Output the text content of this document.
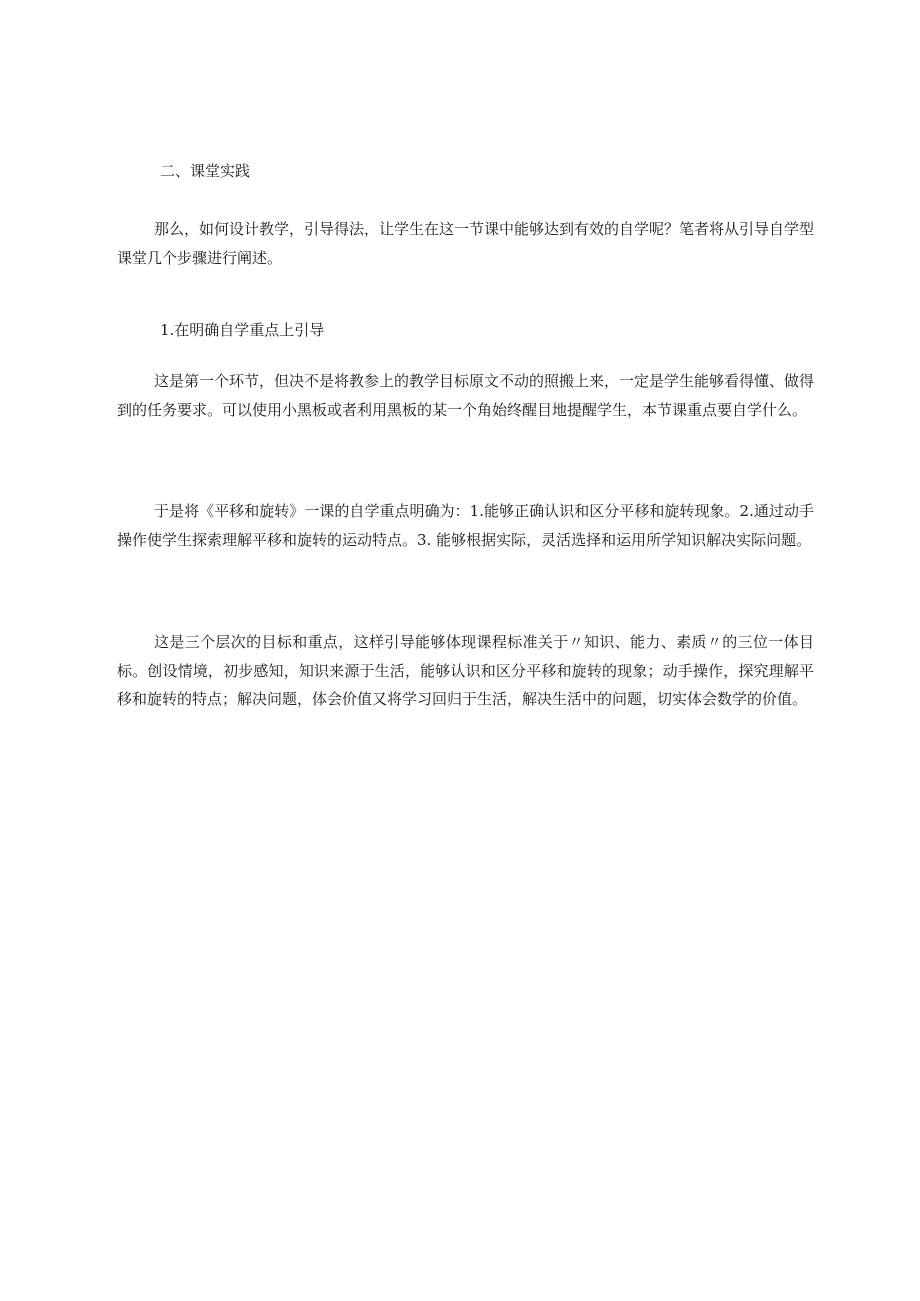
二、课堂实践

那么，如何设计教学，引导得法，让学生在这一节课中能够达到有效的自学呢？笔者将从引导自学型课堂几个步骤进行阐述。

1.在明确自学重点上引导

这是第一个环节，但决不是将教参上的教学目标原文不动的照搬上来，一定是学生能够看得懂、做得到的任务要求。可以使用小黑板或者利用黑板的某一个角始终醒目地提醒学生，本节课重点要自学什么。

于是将《平移和旋转》一课的自学重点明确为：1.能够正确认识和区分平移和旋转现象。2.通过动手操作使学生探索理解平移和旋转的运动特点。3. 能够根据实际，灵活选择和运用所学知识解决实际问题。

这是三个层次的目标和重点，这样引导能够体现课程标准关于〃知识、能力、素质〃的三位一体目标。创设情境，初步感知，知识来源于生活，能够认识和区分平移和旋转的现象；动手操作，探究理解平移和旋转的特点；解决问题，体会价值又将学习回归于生活，解决生活中的问题，切实体会数学的价值。
